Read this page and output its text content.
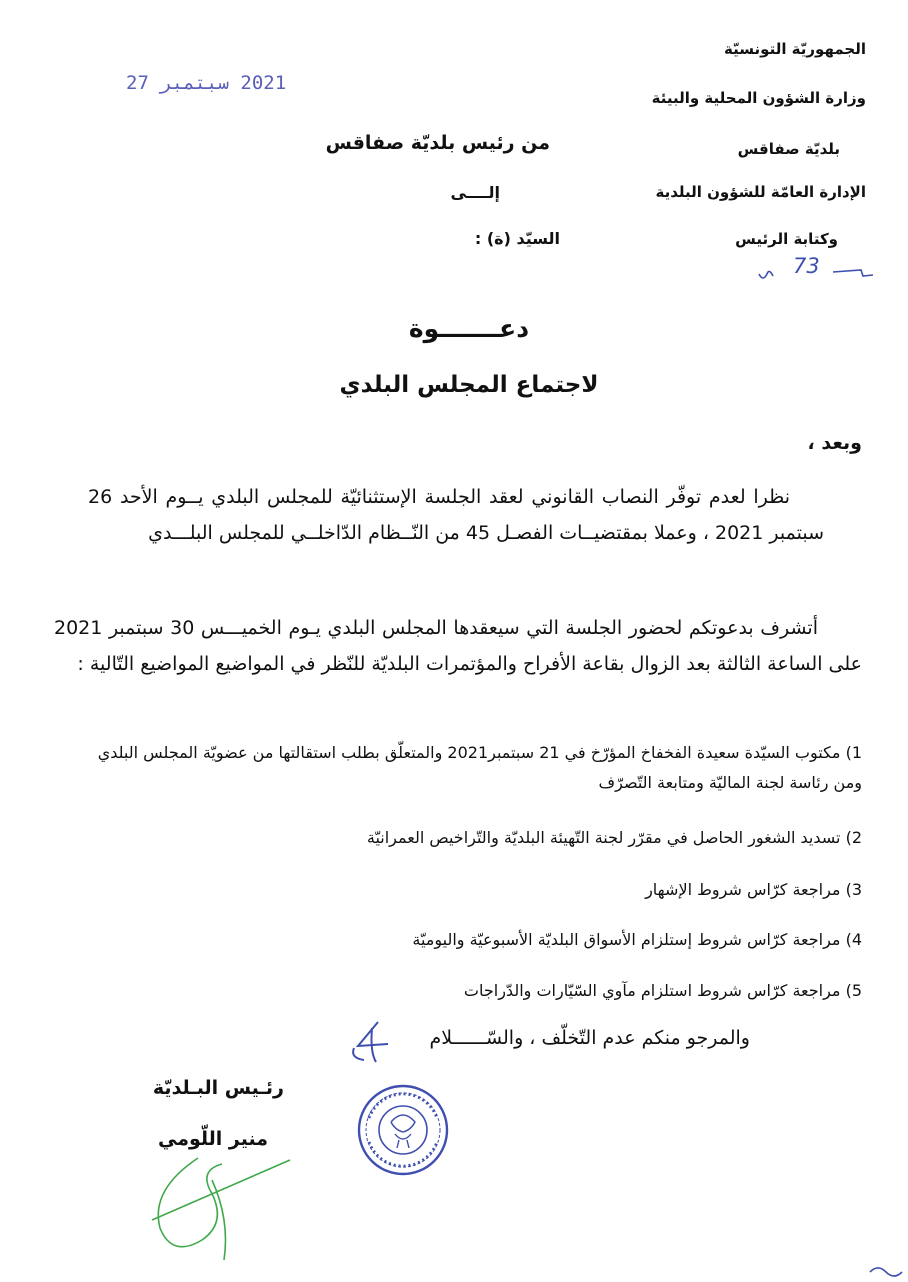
الجمهوريّة التونسيّة
وزارة الشؤون المحلية والبيئة
بلديّة صفاقس
الإدارة العامّة للشؤون البلدية
وكتابة الرئيس
من رئيس بلديّة صفاقس
إلــــى
السيّد (ة) :
2021 سبتمبر 27
73
دعـــــــوة
لاجتماع المجلس البلدي
وبعد ،
نظرا لعدم توفّر النصاب القانوني لعقد الجلسة الإستثنائيّة للمجلس البلدي يــوم الأحد 26 سبتمبر 2021 ، وعملا بمقتضيــات الفصـل 45 من النّــظام الدّاخلــي للمجلس البلـــدي
أتشرف بدعوتكم لحضور الجلسة التي سيعقدها المجلس البلدي يـوم الخميـــس 30 سبتمبر 2021 على الساعة الثالثة بعد الزوال بقاعة الأفراح والمؤتمرات البلديّة للنّظر في المواضيع المواضيع التّالية :
1) مكتوب السيّدة سعيدة الفخفاخ المؤرّخ في 21 سبتمبر2021 والمتعلّق بطلب استقالتها من عضويّة المجلس البلدي ومن رئاسة لجنة الماليّة ومتابعة التّصرّف
2) تسديد الشغور الحاصل في مقرّر لجنة التّهيئة البلديّة والتّراخيص العمرانيّة
3) مراجعة كرّاس شروط الإشهار
4) مراجعة كرّاس شروط إستلزام الأسواق البلديّة الأسبوعيّة واليوميّة
5) مراجعة كرّاس شروط استلزام مآوي السّيّارات والدّراجات
والمرجو منكم عدم التّخلّف ، والسّــــــلام
رئـيس البـلديّة
منير اللّومي
